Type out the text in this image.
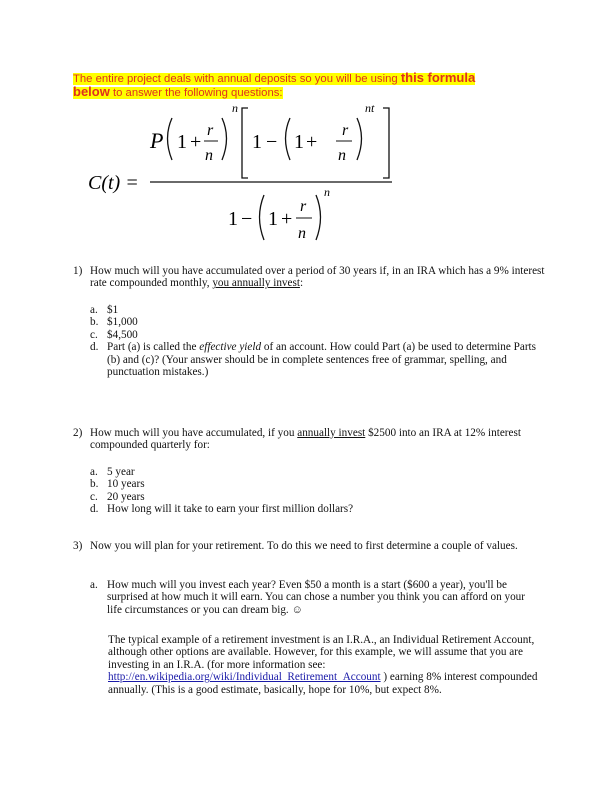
The entire project deals with annual deposits so you will be using this formula
below to answer the following questions:
C(t) =
P 1 +
r
n
n
1 − 1 +
r
n
nt
1 − 1 +
r
n
n
1) How much will you have accumulated over a period of 30 years if, in an IRA which has a 9% interest rate compounded monthly, you annually invest:
a. $1
b. $1,000
c. $4,500
d. Part (a) is called the effective yield of an account. How could Part (a) be used to determine Parts (b) and (c)? (Your answer should be in complete sentences free of grammar, spelling, and punctuation mistakes.)
2) How much will you have accumulated, if you annually invest $2500 into an IRA at 12% interest compounded quarterly for:
a. 5 year
b. 10 years
c. 20 years
d. How long will it take to earn your first million dollars?
3) Now you will plan for your retirement. To do this we need to first determine a couple of values.
a. How much will you invest each year? Even $50 a month is a start ($600 a year), you'll be surprised at how much it will earn. You can chose a number you think you can afford on your life circumstances or you can dream big. ☺
The typical example of a retirement investment is an I.R.A., an Individual Retirement Account, although other options are available. However, for this example, we will assume that you are investing in an I.R.A. (for more information see: http://en.wikipedia.org/wiki/Individual_Retirement_Account ) earning 8% interest compounded annually. (This is a good estimate, basically, hope for 10%, but expect 8%.
